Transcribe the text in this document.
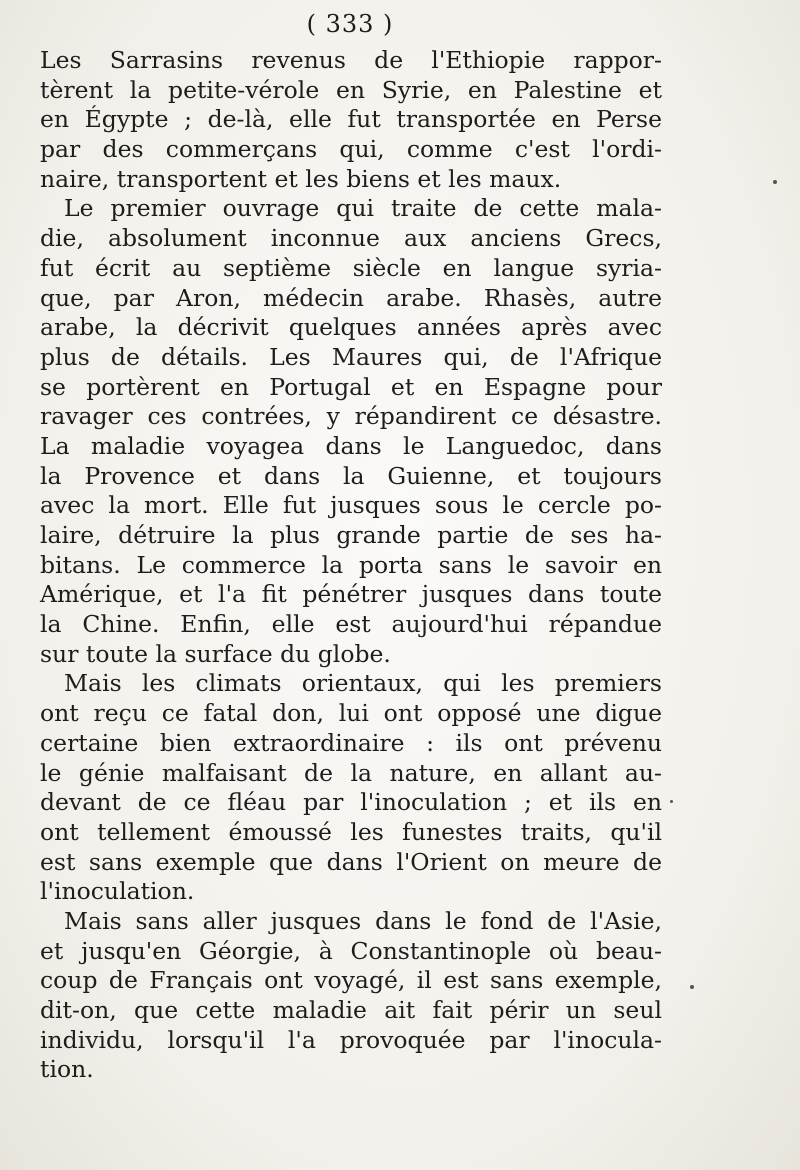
( 333 )
Les Sarrasins revenus de l'Ethiopie rappor-
tèrent la petite-vérole en Syrie, en Palestine et
en Égypte ; de-là, elle fut transportée en Perse
par des commerçans qui, comme c'est l'ordi-
naire, transportent et les biens et les maux.
Le premier ouvrage qui traite de cette mala-
die, absolument inconnue aux anciens Grecs,
fut écrit au septième siècle en langue syria-
que, par Aron, médecin arabe. Rhasès, autre
arabe, la décrivit quelques années après avec
plus de détails. Les Maures qui, de l'Afrique
se portèrent en Portugal et en Espagne pour
ravager ces contrées, y répandirent ce désastre.
La maladie voyagea dans le Languedoc, dans
la Provence et dans la Guienne, et toujours
avec la mort. Elle fut jusques sous le cercle po-
laire, détruire la plus grande partie de ses ha-
bitans. Le commerce la porta sans le savoir en
Amérique, et l'a fit pénétrer jusques dans toute
la Chine. Enfin, elle est aujourd'hui répandue
sur toute la surface du globe.
Mais les climats orientaux, qui les premiers
ont reçu ce fatal don, lui ont opposé une digue
certaine bien extraordinaire : ils ont prévenu
le génie malfaisant de la nature, en allant au-
devant de ce fléau par l'inoculation ; et ils en
ont tellement émoussé les funestes traits, qu'il
est sans exemple que dans l'Orient on meure de
l'inoculation.
Mais sans aller jusques dans le fond de l'Asie,
et jusqu'en Géorgie, à Constantinople où beau-
coup de Français ont voyagé, il est sans exemple,
dit-on, que cette maladie ait fait périr un seul
individu, lorsqu'il l'a provoquée par l'inocula-
tion.
